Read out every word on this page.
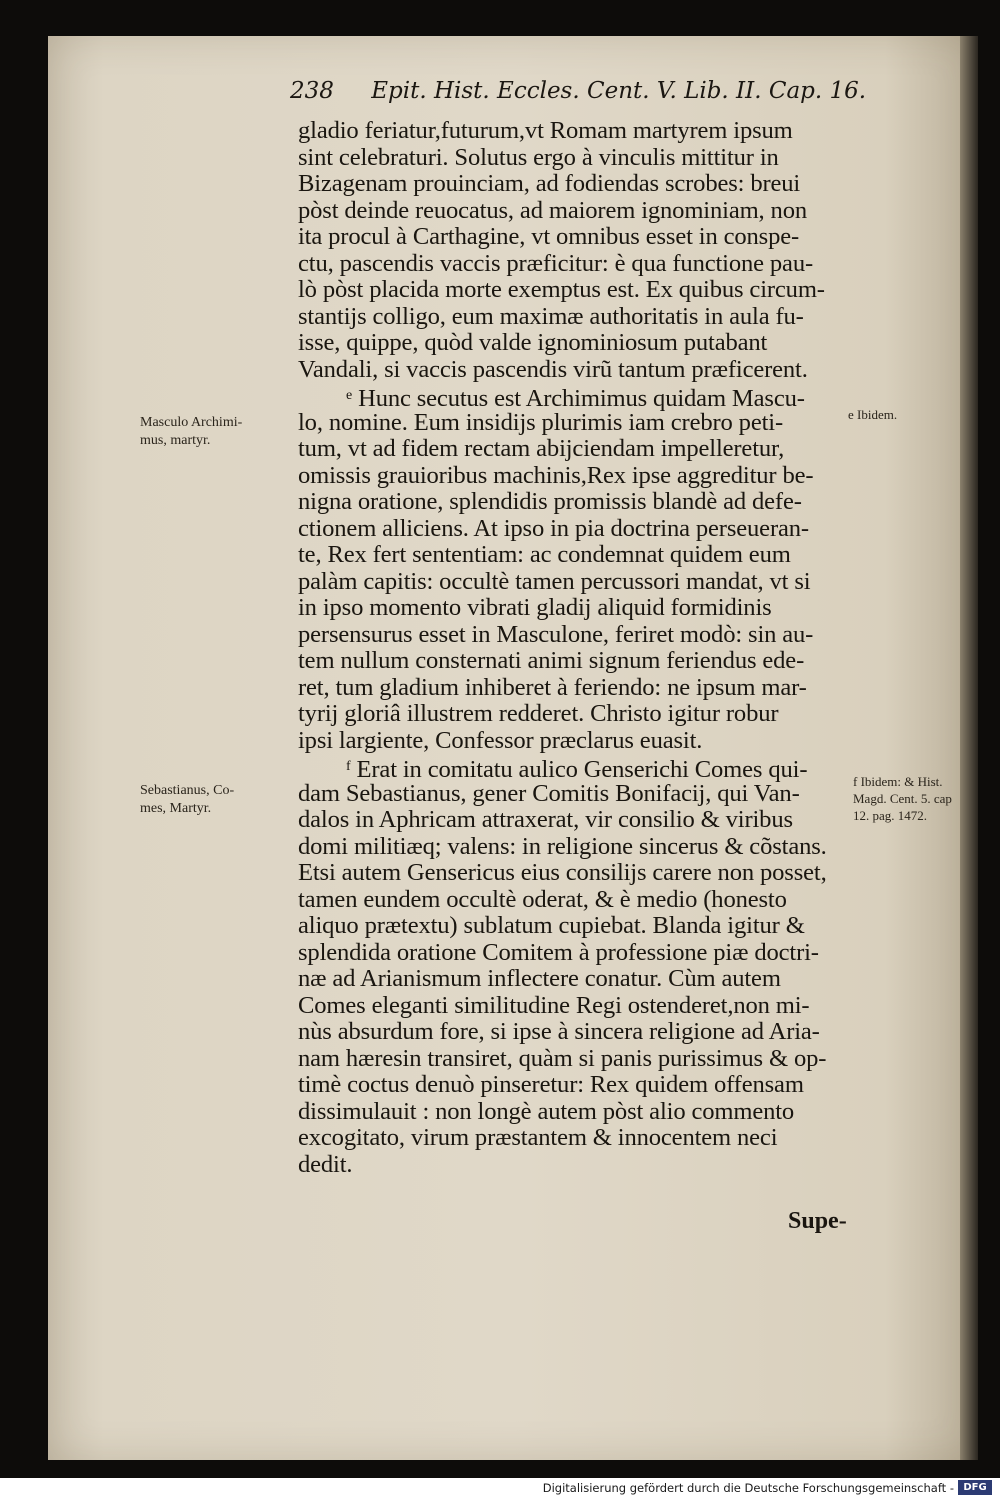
238 Epit. Hist. Eccles. Cent. V. Lib. II. Cap. 16.
gladio feriatur,futurum,vt Romam martyrem ipsum
sint celebraturi. Solutus ergo à vinculis mittitur in
Bizagenam prouinciam, ad fodiendas scrobes: breui
pòst deinde reuocatus, ad maiorem ignominiam, non
ita procul à Carthagine, vt omnibus esset in conspe-
ctu, pascendis vaccis præficitur: è qua functione pau-
lò pòst placida morte exemptus est. Ex quibus circum-
stantijs colligo, eum maximæ authoritatis in aula fu-
isse, quippe, quòd valde ignominiosum putabant
Vandali, si vaccis pascendis virũ tantum præficerent.
$^e$ Hunc secutus est Archimimus quidam Mascu-
lo, nomine. Eum insidijs plurimis iam crebro peti-
tum, vt ad fidem rectam abijciendam impelleretur,
omissis grauioribus machinis,Rex ipse aggreditur be-
nigna oratione, splendidis promissis blandè ad defe-
ctionem alliciens. At ipso in pia doctrina perseueran-
te, Rex fert sententiam: ac condemnat quidem eum
palàm capitis: occultè tamen percussori mandat, vt si
in ipso momento vibrati gladij aliquid formidinis
persensurus esset in Masculone, feriret modò: sin au-
tem nullum consternati animi signum feriendus ede-
ret, tum gladium inhiberet à feriendo: ne ipsum mar-
tyrij gloriâ illustrem redderet. Christo igitur robur
ipsi largiente, Confessor præclarus euasit.
$^f$ Erat in comitatu aulico Genserichi Comes qui-
dam Sebastianus, gener Comitis Bonifacij, qui Van-
dalos in Aphricam attraxerat, vir consilio & viribus
domi militiæq; valens: in religione sincerus & cõstans.
Etsi autem Gensericus eius consilijs carere non posset,
tamen eundem occultè oderat, & è medio (honesto
aliquo prætextu) sublatum cupiebat. Blanda igitur &
splendida oratione Comitem à professione piæ doctri-
næ ad Arianismum inflectere conatur. Cùm autem
Comes eleganti similitudine Regi ostenderet,non mi-
nùs absurdum fore, si ipse à sincera religione ad Aria-
nam hæresin transiret, quàm si panis purissimus & op-
timè coctus denuò pinseretur: Rex quidem offensam
dissimulauit : non longè autem pòst alio commento
excogitato, virum præstantem & innocentem neci
dedit.
Supe-
Masculo Archimi-
mus, martyr.
Sebastianus, Co-
mes, Martyr.
e Ibidem.
f Ibidem: & Hist.
Magd. Cent. 5. cap
12. pag. 1472.
Digitalisierung gefördert durch die Deutsche Forschungsgemeinschaft - DFG
